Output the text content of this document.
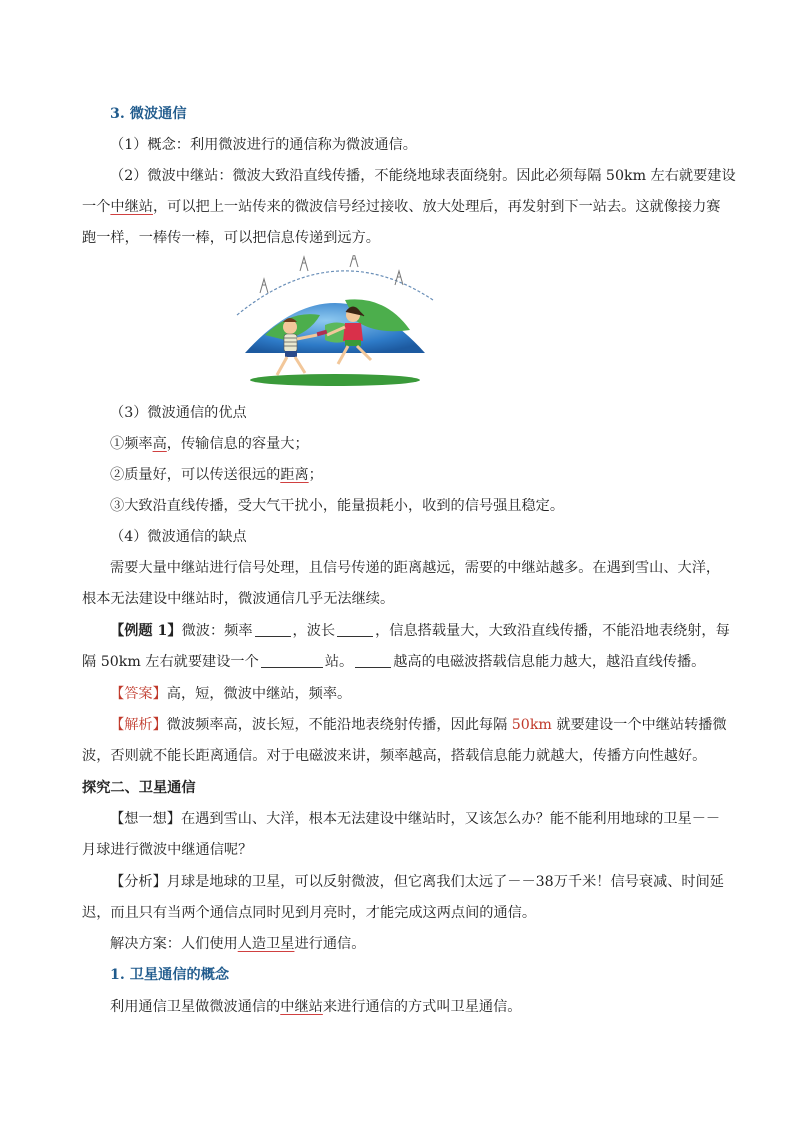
3. 微波通信
（1）概念：利用微波进行的通信称为微波通信。
（2）微波中继站：微波大致沿直线传播，不能绕地球表面绕射。因此必须每隔 50km 左右就要建设
一个中继站，可以把上一站传来的微波信号经过接收、放大处理后，再发射到下一站去。这就像接力赛
跑一样，一棒传一棒，可以把信息传递到远方。
（3）微波通信的优点
①频率高，传输信息的容量大；
②质量好，可以传送很远的距离；
③大致沿直线传播，受大气干扰小，能量损耗小，收到的信号强且稳定。
（4）微波通信的缺点
需要大量中继站进行信号处理，且信号传递的距离越远，需要的中继站越多。在遇到雪山、大洋，
根本无法建设中继站时，微波通信几乎无法继续。
【例题 1】微波：频率	，波长	，信息搭载量大，大致沿直线传播，不能沿地表绕射，每
隔 50km 左右就要建设一个	站。	越高的电磁波搭载信息能力越大，越沿直线传播。
【答案】高，短，微波中继站，频率。
【解析】微波频率高，波长短，不能沿地表绕射传播，因此每隔 50km 就要建设一个中继站转播微
波，否则就不能长距离通信。对于电磁波来讲，频率越高，搭载信息能力就越大，传播方向性越好。
探究二、卫星通信
【想一想】在遇到雪山、大洋，根本无法建设中继站时，又该怎么办？能不能利用地球的卫星－－
月球进行微波中继通信呢？
【分析】月球是地球的卫星，可以反射微波，但它离我们太远了－－38万千米！信号衰减、时间延
迟，而且只有当两个通信点同时见到月亮时，才能完成这两点间的通信。
解决方案：人们使用人造卫星进行通信。
1. 卫星通信的概念
利用通信卫星做微波通信的中继站来进行通信的方式叫卫星通信。
